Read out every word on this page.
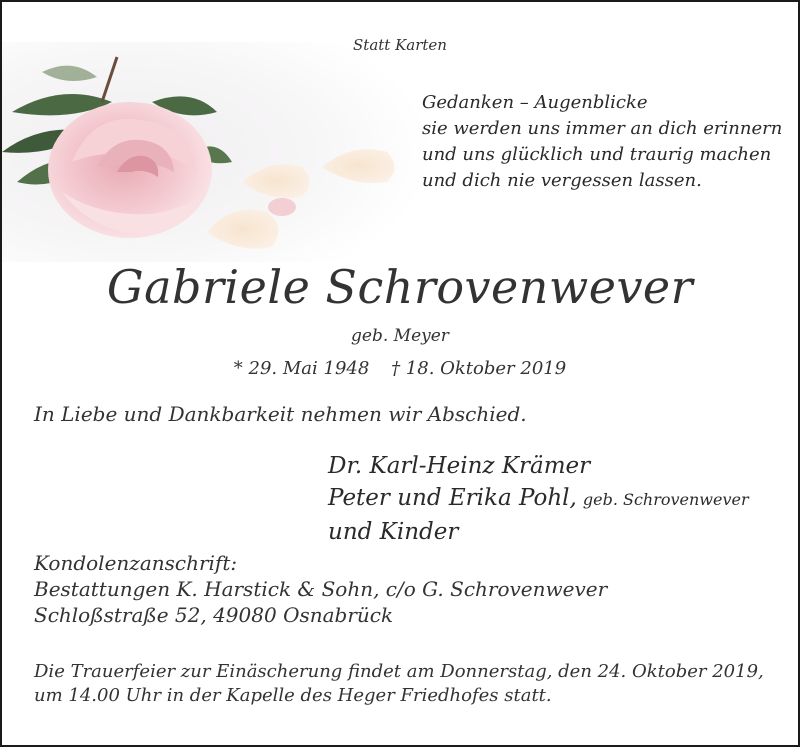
Statt Karten
Gedanken – Augenblicke
sie werden uns immer an dich erinnern
und uns glücklich und traurig machen
und dich nie vergessen lassen.
Gabriele Schrovenwever
geb. Meyer
* 29. Mai 1948 † 18. Oktober 2019
In Liebe und Dankbarkeit nehmen wir Abschied.
Dr. Karl-Heinz Krämer
Peter und Erika Pohl, geb. Schrovenwever
und Kinder
Kondolenzanschrift:
Bestattungen K. Harstick & Sohn, c/o G. Schrovenwever
Schloßstraße 52, 49080 Osnabrück
Die Trauerfeier zur Einäscherung findet am Donnerstag, den 24. Oktober 2019,
um 14.00 Uhr in der Kapelle des Heger Friedhofes statt.
